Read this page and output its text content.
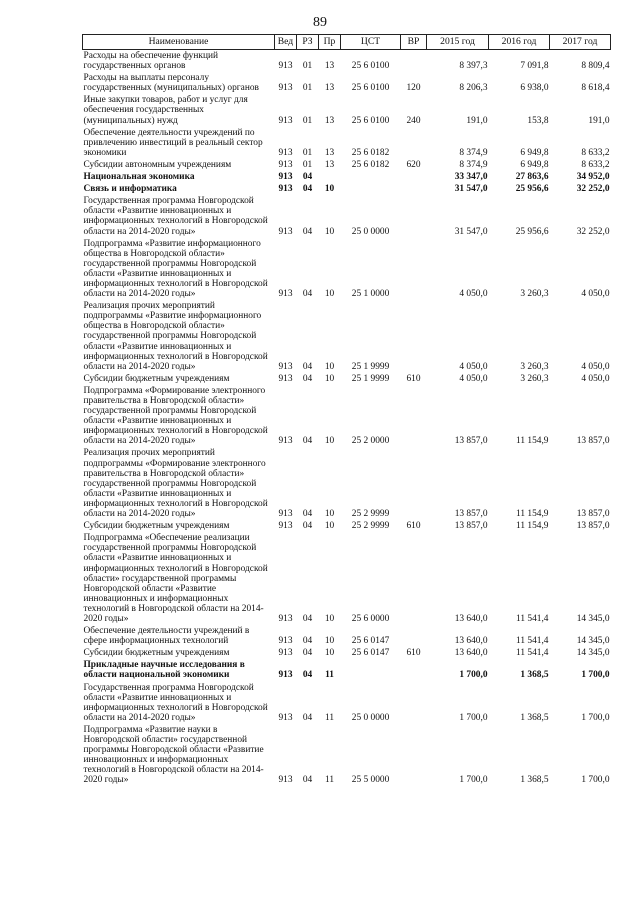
89
Наименование	Вед	РЗ	Пр	ЦСТ	ВР	2015 год	2016 год	2017 год
Расходы на обеспечение функций государственных органов	913	01	13	25 6 0100		8 397,3	7 091,8	8 809,4
Расходы на выплаты персоналу государственных (муниципальных) органов	913	01	13	25 6 0100	120	8 206,3	6 938,0	8 618,4
Иные закупки товаров, работ и услуг для обеспечения государственных (муниципальных) нужд	913	01	13	25 6 0100	240	191,0	153,8	191,0
Обеспечение деятельности учреждений по привлечению инвестиций в реальный сектор экономики	913	01	13	25 6 0182		8 374,9	6 949,8	8 633,2
Субсидии автономным учреждениям	913	01	13	25 6 0182	620	8 374,9	6 949,8	8 633,2
Национальная экономика	913	04				33 347,0	27 863,6	34 952,0
Связь и информатика	913	04	10			31 547,0	25 956,6	32 252,0
Государственная программа Новгородской области «Развитие инновационных и информационных технологий в Новгородской области на 2014-2020 годы»	913	04	10	25 0 0000		31 547,0	25 956,6	32 252,0
Подпрограмма «Развитие информационного общества в Новгородской области» государственной программы Новгородской области «Развитие инновационных и информационных технологий в Новгородской области на 2014-2020 годы»	913	04	10	25 1 0000		4 050,0	3 260,3	4 050,0
Реализация прочих мероприятий подпрограммы «Развитие информационного общества в Новгородской области» государственной программы Новгородской области «Развитие инновационных и информационных технологий в Новгородской области на 2014-2020 годы»	913	04	10	25 1 9999		4 050,0	3 260,3	4 050,0
Субсидии бюджетным учреждениям	913	04	10	25 1 9999	610	4 050,0	3 260,3	4 050,0
Подпрограмма «Формирование электронного правительства в Новгородской области» государственной программы Новгородской области «Развитие инновационных и информационных технологий в Новгородской области на 2014-2020 годы»	913	04	10	25 2 0000		13 857,0	11 154,9	13 857,0
Реализация прочих мероприятий подпрограммы «Формирование электронного правительства в Новгородской области» государственной программы Новгородской области «Развитие инновационных и информационных технологий в Новгородской области на 2014-2020 годы»	913	04	10	25 2 9999		13 857,0	11 154,9	13 857,0
Субсидии бюджетным учреждениям	913	04	10	25 2 9999	610	13 857,0	11 154,9	13 857,0
Подпрограмма «Обеспечение реализации государственной программы Новгородской области «Развитие инновационных и информационных технологий в Новгородской области» государственной программы Новгородской области «Развитие инновационных и информационных технологий в Новгородской области на 2014-2020 годы»	913	04	10	25 6 0000		13 640,0	11 541,4	14 345,0
Обеспечение деятельности учреждений в сфере информационных технологий	913	04	10	25 6 0147		13 640,0	11 541,4	14 345,0
Субсидии бюджетным учреждениям	913	04	10	25 6 0147	610	13 640,0	11 541,4	14 345,0
Прикладные научные исследования в области национальной экономики	913	04	11			1 700,0	1 368,5	1 700,0
Государственная программа Новгородской области «Развитие инновационных и информационных технологий в Новгородской области на 2014-2020 годы»	913	04	11	25 0 0000		1 700,0	1 368,5	1 700,0
Подпрограмма «Развитие науки в Новгородской области» государственной программы Новгородской области «Развитие инновационных и информационных технологий в Новгородской области на 2014-2020 годы»	913	04	11	25 5 0000		1 700,0	1 368,5	1 700,0
